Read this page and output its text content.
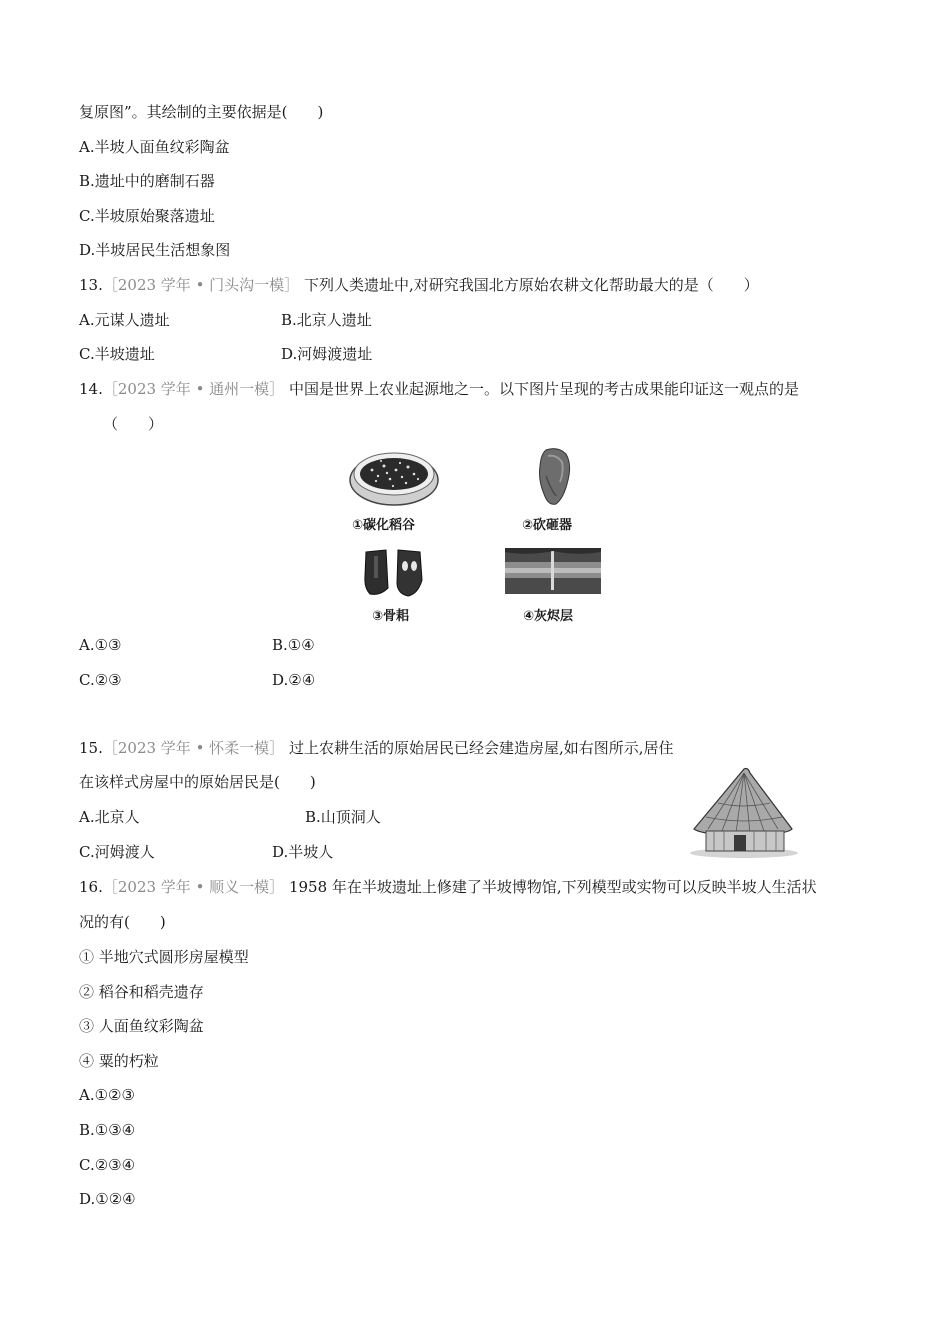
复原图”。其绘制的主要依据是(　　)
A.半坡人面鱼纹彩陶盆
B.遗址中的磨制石器
C.半坡原始聚落遗址
D.半坡居民生活想象图
13.［2023 学年 • 门头沟一模］ 下列人类遗址中,对研究我国北方原始农耕文化帮助最大的是（　　）
A.元谋人遗址	B.北京人遗址
C.半坡遗址	D.河姆渡遗址
14.［2023 学年 • 通州一模］ 中国是世界上农业起源地之一。以下图片呈现的考古成果能印证这一观点的是
（　　）
①碳化稻谷	②砍砸器
③骨耜	④灰烬层
A.①③	B.①④
C.②③	D.②④
15.［2023 学年 • 怀柔一模］ 过上农耕生活的原始居民已经会建造房屋,如右图所示,居住
在该样式房屋中的原始居民是(　　)
A.北京人	B.山顶洞人
C.河姆渡人	D.半坡人
16.［2023 学年 • 顺义一模］ 1958 年在半坡遗址上修建了半坡博物馆,下列模型或实物可以反映半坡人生活状
况的有(　　)
① 半地穴式圆形房屋模型
② 稻谷和稻壳遗存
③ 人面鱼纹彩陶盆
④ 粟的朽粒
A.①②③
B.①③④
C.②③④
D.①②④
